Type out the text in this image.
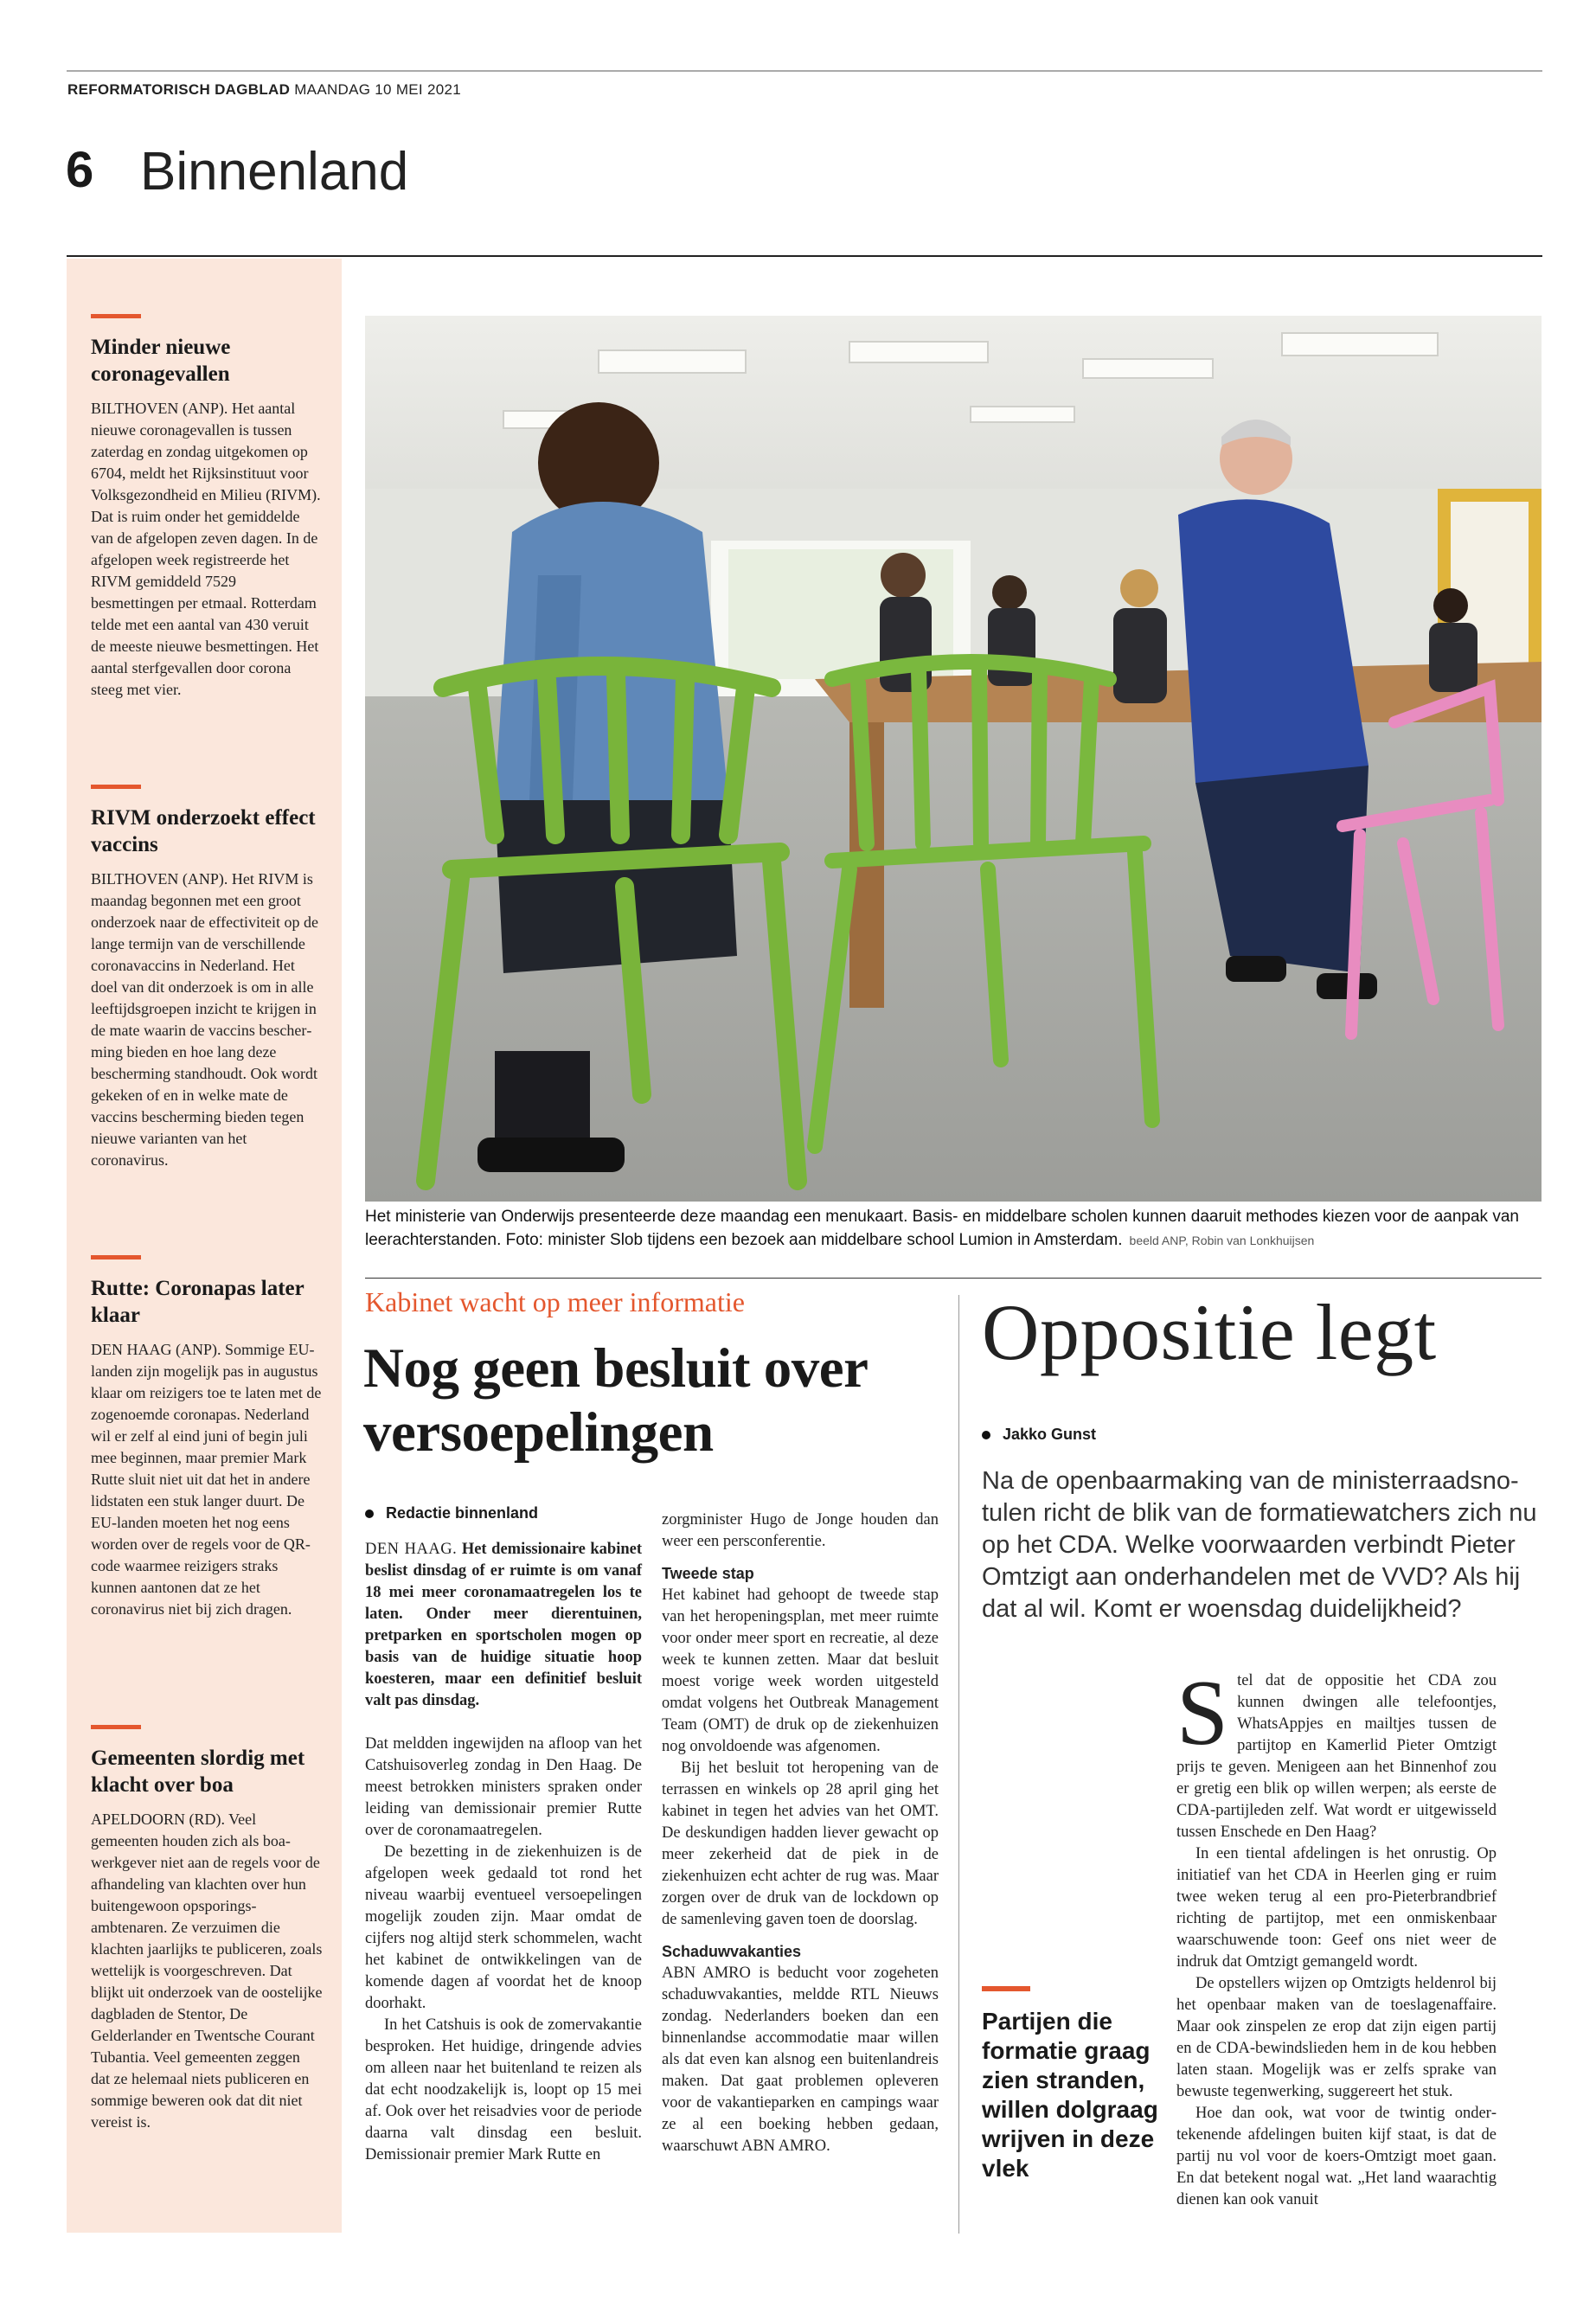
REFORMATORISCH DAGBLAD MAANDAG 10 MEI 2021
6 Binnenland
Minder nieuwe coronagevallen

BILTHOVEN (ANP). Het aantal nieuwe coronagevallen is tussen zaterdag en zondag uitgekomen op 6704, meldt het Rijksinstituut voor Volksgezondheid en Milieu (RIVM). Dat is ruim onder het gemiddelde van de afgelopen zeven dagen. In de afgelopen week registreerde het RIVM gemiddeld 7529 besmettingen per etmaal. Rotterdam telde met een aantal van 430 veruit de meeste nieuwe besmettingen. Het aantal sterfgevallen door corona steeg met vier.

RIVM onderzoekt effect vaccins

BILTHOVEN (ANP). Het RIVM is maandag begonnen met een groot onderzoek naar de effectiviteit op de lange termijn van de verschillende coronavaccins in Nederland. Het doel van dit onderzoek is om in alle leeftijdsgroepen inzicht te krijgen in de mate waarin de vaccins bescherming bieden en hoe lang deze bescherming standhoudt. Ook wordt gekeken of en in welke mate de vaccins bescherming bieden tegen nieuwe varianten van het coronavirus.

Rutte: Coronapas later klaar

DEN HAAG (ANP). Sommige EU-landen zijn mogelijk pas in augustus klaar om reizigers toe te laten met de zogenoemde coronapas. Nederland wil er zelf al eind juni of begin juli mee beginnen, maar premier Mark Rutte sluit niet uit dat het in andere lidstaten een stuk langer duurt. De EU-landen moeten het nog eens worden over de regels voor de QR-code waarmee reizigers straks kunnen aantonen dat ze het coronavirus niet bij zich dragen.

Gemeenten slordig met klacht over boa

APELDOORN (RD). Veel gemeenten houden zich als boa-werkgever niet aan de regels voor de afhandeling van klachten over hun buitengewoon opsporingsambtenaren. Ze verzuimen die klachten jaarlijks te publiceren, zoals wettelijk is voorgeschreven. Dat blijkt uit onderzoek van de oostelijke dagbladen de Stentor, De Gelderlander en Twentsche Courant Tubantia. Veel gemeenten zeggen dat ze helemaal niets publiceren en sommige beweren ook dat dit niet vereist is.

Het ministerie van Onderwijs presenteerde deze maandag een menukaart. Basis- en middelbare scholen kunnen daaruit methodes kiezen voor de aanpak van leerachterstanden. Foto: minister Slob tijdens een bezoek aan middelbare school Lumion in Amsterdam. beeld ANP, Robin van Lonkhuijsen
Kabinet wacht op meer informatie
Nog geen besluit over versoepelingen
Redactie binnenland

DEN HAAG. Het demissionaire kabinet beslist dinsdag of er ruimte is om vanaf 18 mei meer coronamaatregelen los te laten. Onder meer dierentuinen, pretparken en sportscholen mogen op basis van de huidige situatie hoop koesteren, maar een definitief besluit valt pas dinsdag.

Dat meldden ingewijden na afloop van het Catshuisoverleg zondag in Den Haag. De meest betrokken ministers spraken onder leiding van demissionair premier Rutte over de coronamaatregelen.

De bezetting in de ziekenhuizen is de afgelopen week gedaald tot rond het niveau waarbij eventueel versoepelingen mogelijk zouden zijn. Maar omdat de cijfers nog altijd sterk schommelen, wacht het kabinet de ontwikkelingen van de komende dagen af voordat het de knoop doorhakt.

In het Catshuis is ook de zomervakantie besproken. Het huidige, dringende advies om alleen naar het buitenland te reizen als dat echt noodzakelijk is, loopt op 15 mei af. Ook over het reisadvies voor de periode daarna valt dinsdag een besluit. Demissionair premier Mark Rutte en

zorgminister Hugo de Jonge houden dan weer een persconferentie.

Tweede stap

Het kabinet had gehoopt de tweede stap van het heropeningsplan, met meer ruimte voor onder meer sport en recreatie, al deze week te kunnen zetten. Maar dat besluit moest vorige week worden uitgesteld omdat volgens het Outbreak Management Team (OMT) de druk op de ziekenhuizen nog onvoldoende was afgenomen.

Bij het besluit tot heropening van de terrassen en winkels op 28 april ging het kabinet in tegen het advies van het OMT. De deskundigen hadden liever gewacht op meer zekerheid dat de piek in de ziekenhuizen echt achter de rug was. Maar zorgen over de druk van de lockdown op de samenleving gaven toen de doorslag.

Schaduwvakanties

ABN AMRO is beducht voor zogeheten schaduwvakanties, meldde RTL Nieuws zondag. Nederlanders boeken dan een binnenlandse accommodatie maar willen als dat even kan alsnog een buitenlandreis maken. Dat gaat problemen opleveren voor de vakantieparken en campings waar ze al een boeking hebben gedaan, waarschuwt ABN AMRO.

Oppositie legt
Jakko Gunst

Na de openbaarmaking van de ministerraadsnotulen richt de blik van de formatiewatchers zich nu op het CDA. Welke voorwaarden verbindt Pieter Omtzigt aan onderhandelen met de VVD? Als hij dat al wil. Komt er woensdag duidelijkheid?

Partijen die formatie graag zien stranden, willen dolgraag wrijven in deze vlek

Stel dat de oppositie het CDA zou kunnen dwingen alle telefoontjes, WhatsAppjes en mailtjes tussen de partijtop en Kamerlid Pieter Omtzigt prijs te geven. Menigeen aan het Binnenhof zou er gretig een blik op willen werpen; als eerste de CDA-partijleden zelf. Wat wordt er uitgewisseld tussen Enschede en Den Haag?

In een tiental afdelingen is het onrustig. Op initiatief van het CDA in Heerlen ging er ruim twee weken terug al een pro-Pieterbrandbrief richting de partijtop, met een onmiskenbaar waarschuwende toon: Geef ons niet weer de indruk dat Omtzigt gemangeld wordt.

De opstellers wijzen op Omtzigts heldenrol bij het openbaar maken van de toeslagenaffaire. Maar ook zinspelen ze erop dat zijn eigen partij en de CDA-bewindslieden hem in de kou hebben laten staan. Mogelijk was er zelfs sprake van bewuste tegenwerking, suggereert het stuk.

Hoe dan ook, wat voor de twintig ondertekenende afdelingen buiten kijf staat, is dat de partij nu vol voor de koers-Omtzigt moet gaan. En dat betekent nogal wat. „Het land waarachtig dienen kan ook vanuit
